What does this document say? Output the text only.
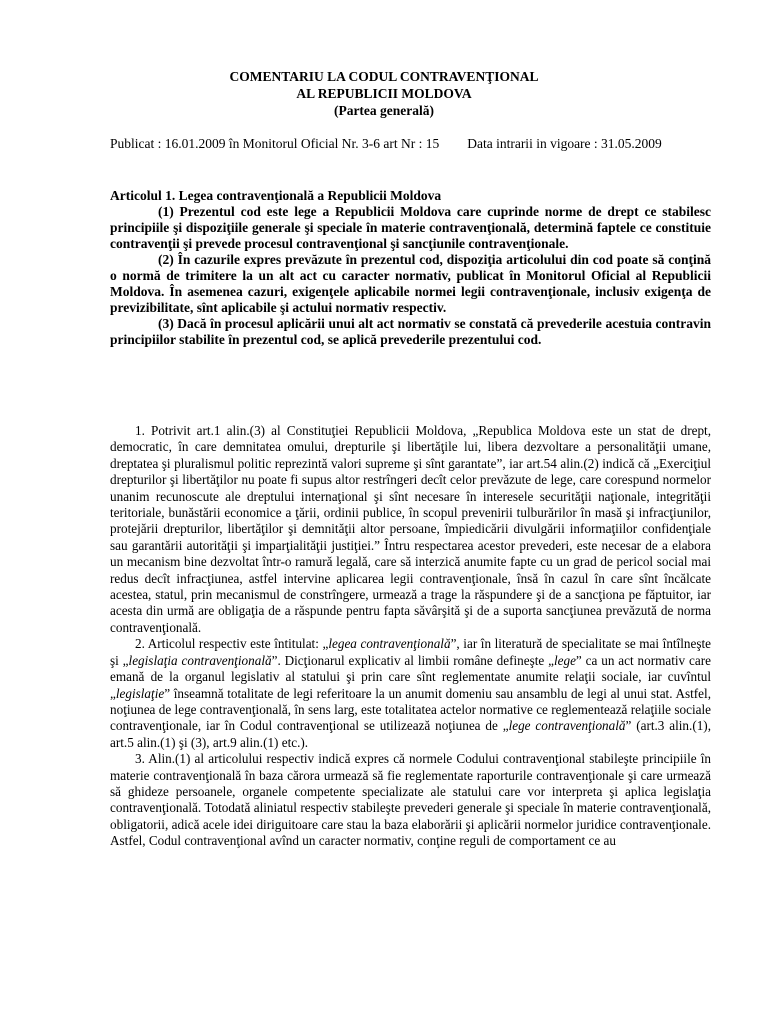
COMENTARIU LA CODUL CONTRAVENŢIONAL
AL REPUBLICII MOLDOVA
(Partea generală)
Publicat : 16.01.2009 în Monitorul Oficial Nr. 3-6 art Nr : 15 Data intrarii in vigoare : 31.05.2009

Articolul 1. Legea contravenţională a Republicii Moldova

(1) Prezentul cod este lege a Republicii Moldova care cuprinde norme de drept ce stabilesc principiile şi dispoziţiile generale şi speciale în materie contravenţională, determină faptele ce constituie contravenţii şi prevede procesul contravenţional şi sancţiunile contravenţionale.

(2) În cazurile expres prevăzute în prezentul cod, dispoziţia articolului din cod poate să conţină o normă de trimitere la un alt act cu caracter normativ, publicat în Monitorul Oficial al Republicii Moldova. În asemenea cazuri, exigenţele aplicabile normei legii contravenţionale, inclusiv exigenţa de previzibilitate, sînt aplicabile şi actului normativ respectiv.

(3) Dacă în procesul aplicării unui alt act normativ se constată că prevederile acestuia contravin principiilor stabilite în prezentul cod, se aplică prevederile prezentului cod.

1. Potrivit art.1 alin.(3) al Constituţiei Republicii Moldova, „Republica Moldova este un stat de drept, democratic, în care demnitatea omului, drepturile şi libertăţile lui, libera dezvoltare a personalităţii umane, dreptatea şi pluralismul politic reprezintă valori supreme şi sînt garantate”, iar art.54 alin.(2) indică că „Exerciţiul drepturilor şi libertăţilor nu poate fi supus altor restrîngeri decît celor prevăzute de lege, care corespund normelor unanim recunoscute ale dreptului internaţional şi sînt necesare în interesele securităţii naţionale, integrităţii teritoriale, bunăstării economice a ţării, ordinii publice, în scopul prevenirii tulburărilor în masă şi infracţiunilor, protejării drepturilor, libertăţilor şi demnităţii altor persoane, împiedicării divulgării informaţiilor confidenţiale sau garantării autorităţii şi imparţialităţii justiţiei.” Întru respectarea acestor prevederi, este necesar de a elabora un mecanism bine dezvoltat într-o ramură legală, care să interzică anumite fapte cu un grad de pericol social mai redus decît infracţiunea, astfel intervine aplicarea legii contravenţionale, însă în cazul în care sînt încălcate acestea, statul, prin mecanismul de constrîngere, urmează a trage la răspundere şi de a sancţiona pe făptuitor, iar acesta din urmă are obligaţia de a răspunde pentru fapta săvârşită şi de a suporta sancţiunea prevăzută de norma contravenţională.

2. Articolul respectiv este întitulat: „legea contravenţională”, iar în literatură de specialitate se mai întîlneşte şi „legislaţia contravenţională”. Dicţionarul explicativ al limbii române defineşte „lege” ca un act normativ care emană de la organul legislativ al statului şi prin care sînt reglementate anumite relaţii sociale, iar cuvîntul „legislaţie” înseamnă totalitate de legi referitoare la un anumit domeniu sau ansamblu de legi al unui stat. Astfel, noţiunea de lege contravenţională, în sens larg, este totalitatea actelor normative ce reglementează relaţiile sociale contravenţionale, iar în Codul contravenţional se utilizează noţiunea de „lege contravenţională” (art.3 alin.(1), art.5 alin.(1) şi (3), art.9 alin.(1) etc.).

3. Alin.(1) al articolului respectiv indică expres că normele Codului contravenţional stabileşte principiile în materie contravenţională în baza cărora urmează să fie reglementate raporturile contravenţionale şi care urmează să ghideze persoanele, organele competente specializate ale statului care vor interpreta şi aplica legislaţia contravenţională. Totodată aliniatul respectiv stabileşte prevederi generale şi speciale în materie contravenţională, obligatorii, adică acele idei diriguitoare care stau la baza elaborării şi aplicării normelor juridice contravenţionale. Astfel, Codul contravenţional avînd un caracter normativ, conţine reguli de comportament ce au
